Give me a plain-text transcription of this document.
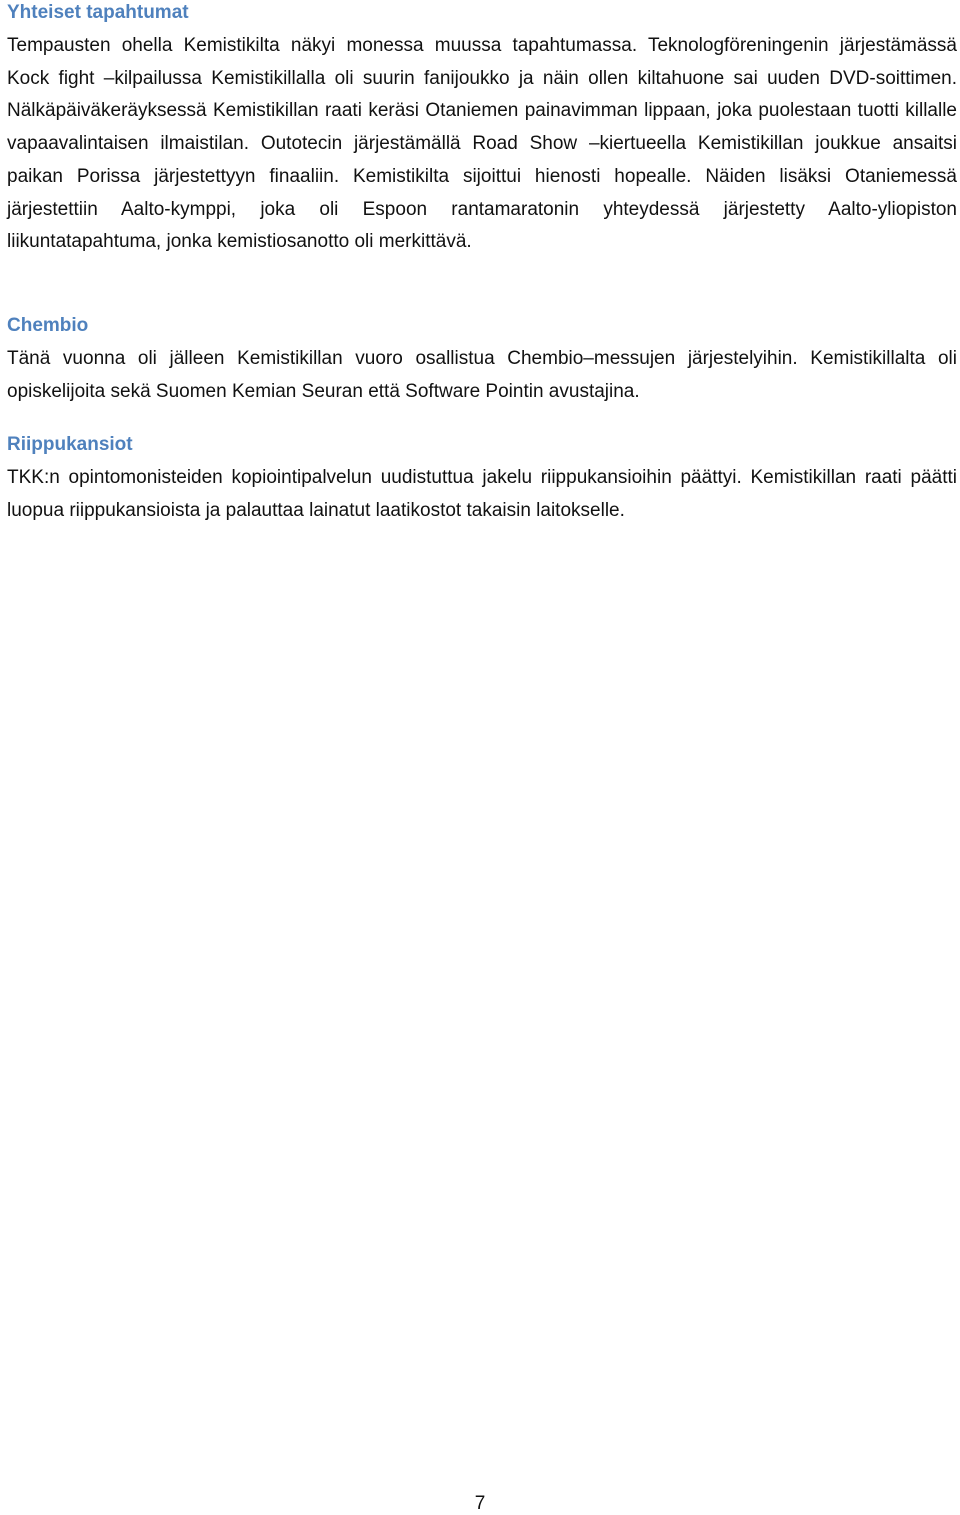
Yhteiset tapahtumat

Tempausten ohella Kemistikilta näkyi monessa muussa tapahtumassa. Teknologföreningenin järjestämässä Kock fight –kilpailussa Kemistikillalla oli suurin fanijoukko ja näin ollen kiltahuone sai uuden DVD-soittimen. Nälkäpäiväkeräyksessä Kemistikillan raati keräsi Otaniemen painavimman lippaan, joka puolestaan tuotti killalle vapaavalintaisen ilmaistilan. Outotecin järjestämällä Road Show –kiertueella Kemistikillan joukkue ansaitsi paikan Porissa järjestettyyn finaaliin. Kemistikilta sijoittui hienosti hopealle. Näiden lisäksi Otaniemessä järjestettiin Aalto-kymppi, joka oli Espoon rantamaratonin yhteydessä järjestetty Aalto-yliopiston liikuntatapahtuma, jonka kemistiosanotto oli merkittävä.

Chembio

Tänä vuonna oli jälleen Kemistikillan vuoro osallistua Chembio–messujen järjestelyihin. Kemistikillalta oli opiskelijoita sekä Suomen Kemian Seuran että Software Pointin avustajina.

Riippukansiot

TKK:n opintomonisteiden kopiointipalvelun uudistuttua jakelu riippukansioihin päättyi. Kemistikillan raati päätti luopua riippukansioista ja palauttaa lainatut laatikostot takaisin laitokselle.

7
